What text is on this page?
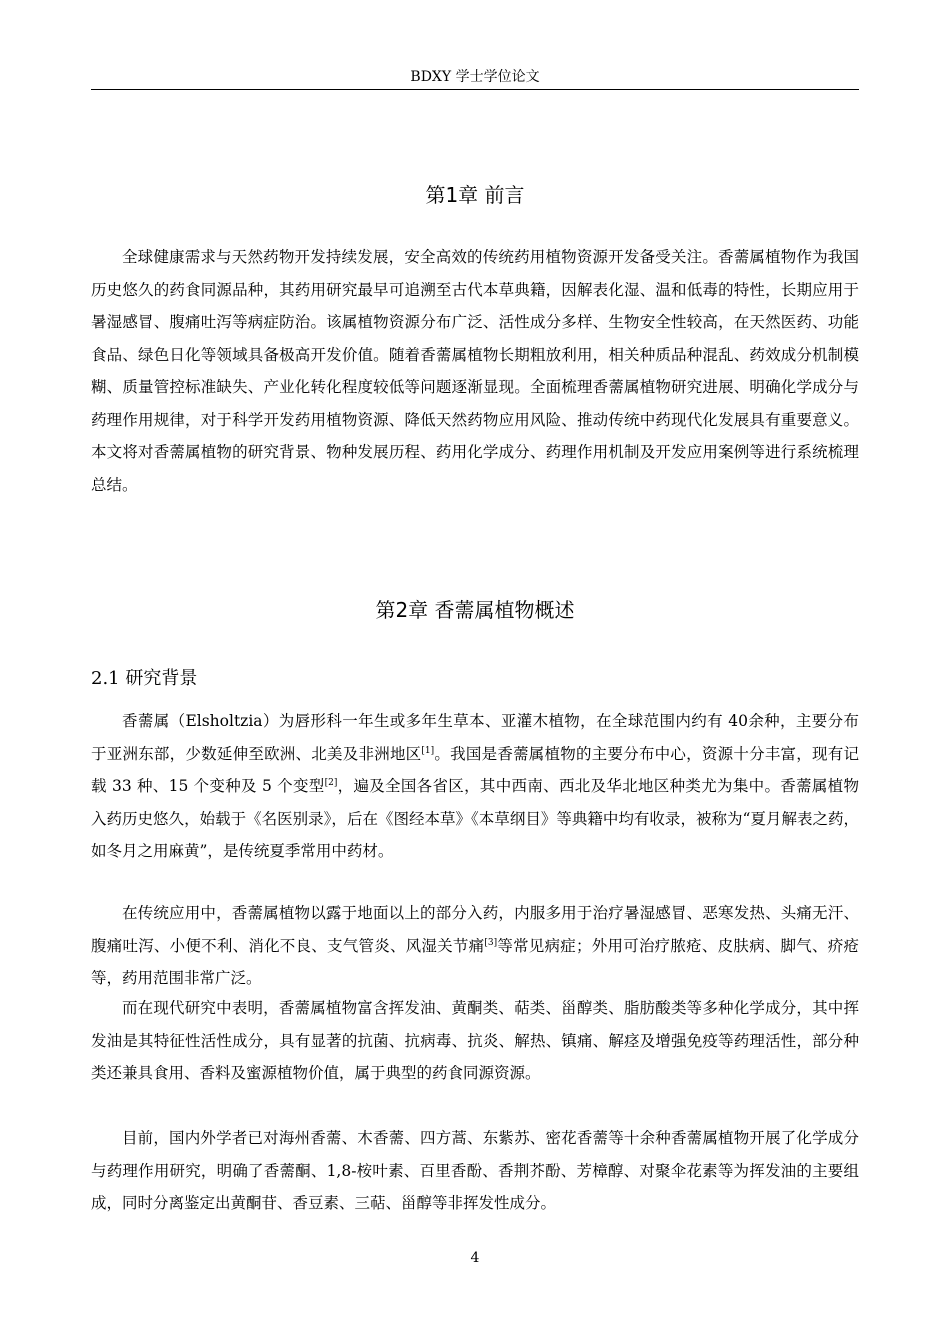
BDXY 学士学位论文
第1章 前言

全球健康需求与天然药物开发持续发展，安全高效的传统药用植物资源开发备受关注。香薷属植物作为我国历史悠久的药食同源品种，其药用研究最早可追溯至古代本草典籍，因解表化湿、温和低毒的特性，长期应用于暑湿感冒、腹痛吐泻等病症防治。该属植物资源分布广泛、活性成分多样、生物安全性较高，在天然医药、功能食品、绿色日化等领域具备极高开发价值。随着香薷属植物长期粗放利用，相关种质品种混乱、药效成分机制模糊、质量管控标准缺失、产业化转化程度较低等问题逐渐显现。全面梳理香薷属植物研究进展、明确化学成分与药理作用规律，对于科学开发药用植物资源、降低天然药物应用风险、推动传统中药现代化发展具有重要意义。本文将对香薷属植物的研究背景、物种发展历程、药用化学成分、药理作用机制及开发应用案例等进行系统梳理总结。

第2章 香薷属植物概述
2.1 研究背景

香薷属（Elsholtzia）为唇形科一年生或多年生草本、亚灌木植物，在全球范围内约有 40余种，主要分布于亚洲东部，少数延伸至欧洲、北美及非洲地区[1]。我国是香薷属植物的主要分布中心，资源十分丰富，现有记载 33 种、15 个变种及 5 个变型[2]，遍及全国各省区，其中西南、西北及华北地区种类尤为集中。香薷属植物入药历史悠久，始载于《名医别录》，后在《图经本草》《本草纲目》等典籍中均有收录，被称为“夏月解表之药，如冬月之用麻黄”，是传统夏季常用中药材。

在传统应用中，香薷属植物以露于地面以上的部分入药，内服多用于治疗暑湿感冒、恶寒发热、头痛无汗、腹痛吐泻、小便不利、消化不良、支气管炎、风湿关节痛[3]等常见病症；外用可治疗脓疮、皮肤病、脚气、疥疮等，药用范围非常广泛。

而在现代研究中表明，香薷属植物富含挥发油、黄酮类、萜类、甾醇类、脂肪酸类等多种化学成分，其中挥发油是其特征性活性成分，具有显著的抗菌、抗病毒、抗炎、解热、镇痛、解痉及增强免疫等药理活性，部分种类还兼具食用、香料及蜜源植物价值，属于典型的药食同源资源。

目前，国内外学者已对海州香薷、木香薷、四方蒿、东紫苏、密花香薷等十余种香薷属植物开展了化学成分与药理作用研究，明确了香薷酮、1,8-桉叶素、百里香酚、香荆芥酚、芳樟醇、对聚伞花素等为挥发油的主要组成，同时分离鉴定出黄酮苷、香豆素、三萜、甾醇等非挥发性成分。

4
